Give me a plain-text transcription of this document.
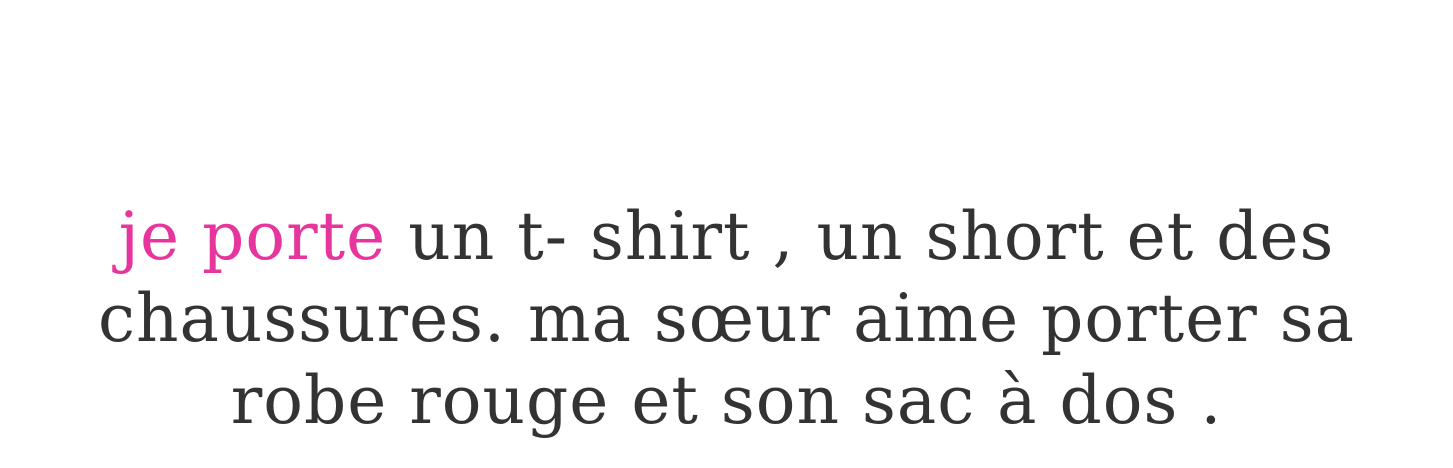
je porte un t- shirt , un short et des
chaussures. ma sœur aime porter sa
robe rouge et son sac à dos .
